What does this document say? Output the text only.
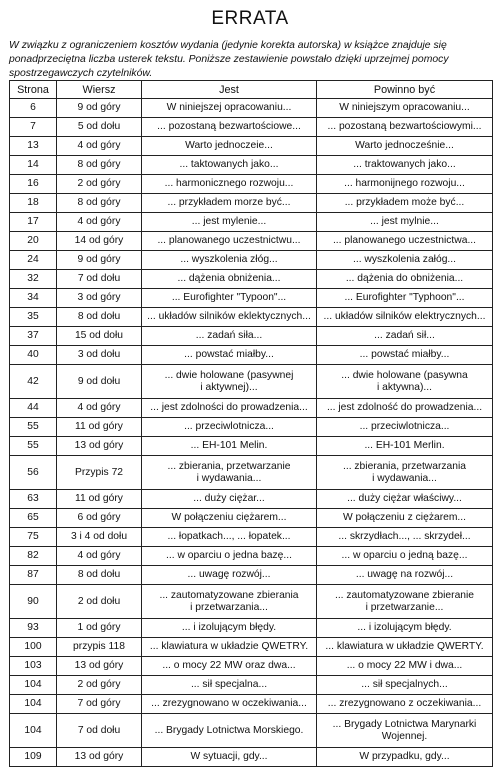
ERRATA
W związku z ograniczeniem kosztów wydania (jedynie korekta autorska) w książce znajduje się ponadprzeciętna liczba usterek tekstu. Poniższe zestawienie powstało dzięki uprzejmej pomocy spostrzegawczych czytelników.
Strona	Wiersz	Jest	Powinno być
6	9 od góry	W niniejszej opracowaniu...	W niniejszym opracowaniu...
7	5 od dołu	... pozostaną bezwartościowe...	... pozostaną bezwartościowymi...
13	4 od góry	Warto jednoczeie...	Warto jednocześnie...
14	8 od góry	... taktowanych jako...	... traktowanych jako...
16	2 od góry	... harmonicznego rozwoju...	... harmonijnego rozwoju...
18	8 od góry	... przykładem morze być...	... przykładem może być...
17	4 od góry	... jest mylenie...	... jest mylnie...
20	14 od góry	... planowanego uczestnictwu...	... planowanego uczestnictwa...
24	9 od góry	... wyszkolenia złóg...	... wyszkolenia załóg...
32	7 od dołu	... dążenia obniżenia...	... dążenia do obniżenia...
34	3 od góry	... Eurofighter "Typoon"...	... Eurofighter "Typhoon"...
35	8 od dołu	... układów silników eklektycznych...	... układów silników elektrycznych...
37	15 od dołu	... zadań siła...	... zadań sił...
40	3 od dołu	... powstać miałby...	... powstać miałby...
42	9 od dołu	... dwie holowane (pasywnej
i aktywnej)...	... dwie holowane (pasywna
i aktywna)...
44	4 od góry	... jest zdolności do prowadzenia...	... jest zdolność do prowadzenia...
55	11 od góry	... przeciwlotnicza...	... przeciwlotnicza...
55	13 od góry	... EH-101 Melin.	... EH-101 Merlin.
56	Przypis 72	... zbierania, przetwarzanie
i wydawania...	... zbierania, przetwarzania
i wydawania...
63	11 od góry	... duży ciężar...	... duży ciężar właściwy...
65	6 od góry	W połączeniu ciężarem...	W połączeniu z ciężarem...
75	3 i 4 od dołu	... łopatkach..., ... łopatek...	... skrzydłach..., ... skrzydeł...
82	4 od góry	... w oparciu o jedna bazę...	... w oparciu o jedną bazę...
87	8 od dołu	... uwagę rozwój...	... uwagę na rozwój...
90	2 od dołu	... zautomatyzowane zbierania
i przetwarzania...	... zautomatyzowane zbieranie
i przetwarzanie...
93	1 od góry	... i izolującym błędy.	... i izolującym błędy.
100	przypis 118	... klawiatura w układzie QWETRY.	... klawiatura w układzie QWERTY.
103	13 od góry	... o mocy 22 MW oraz dwa...	... o mocy 22 MW i dwa...
104	2 od góry	... sił specjalna...	... sił specjalnych...
104	7 od góry	... zrezygnowano w oczekiwania...	... zrezygnowano z oczekiwania...
104	7 od dołu	... Brygady Lotnictwa Morskiego.	... Brygady Lotnictwa Marynarki
Wojennej.
109	13 od góry	W sytuacji, gdy...	W przypadku, gdy...
